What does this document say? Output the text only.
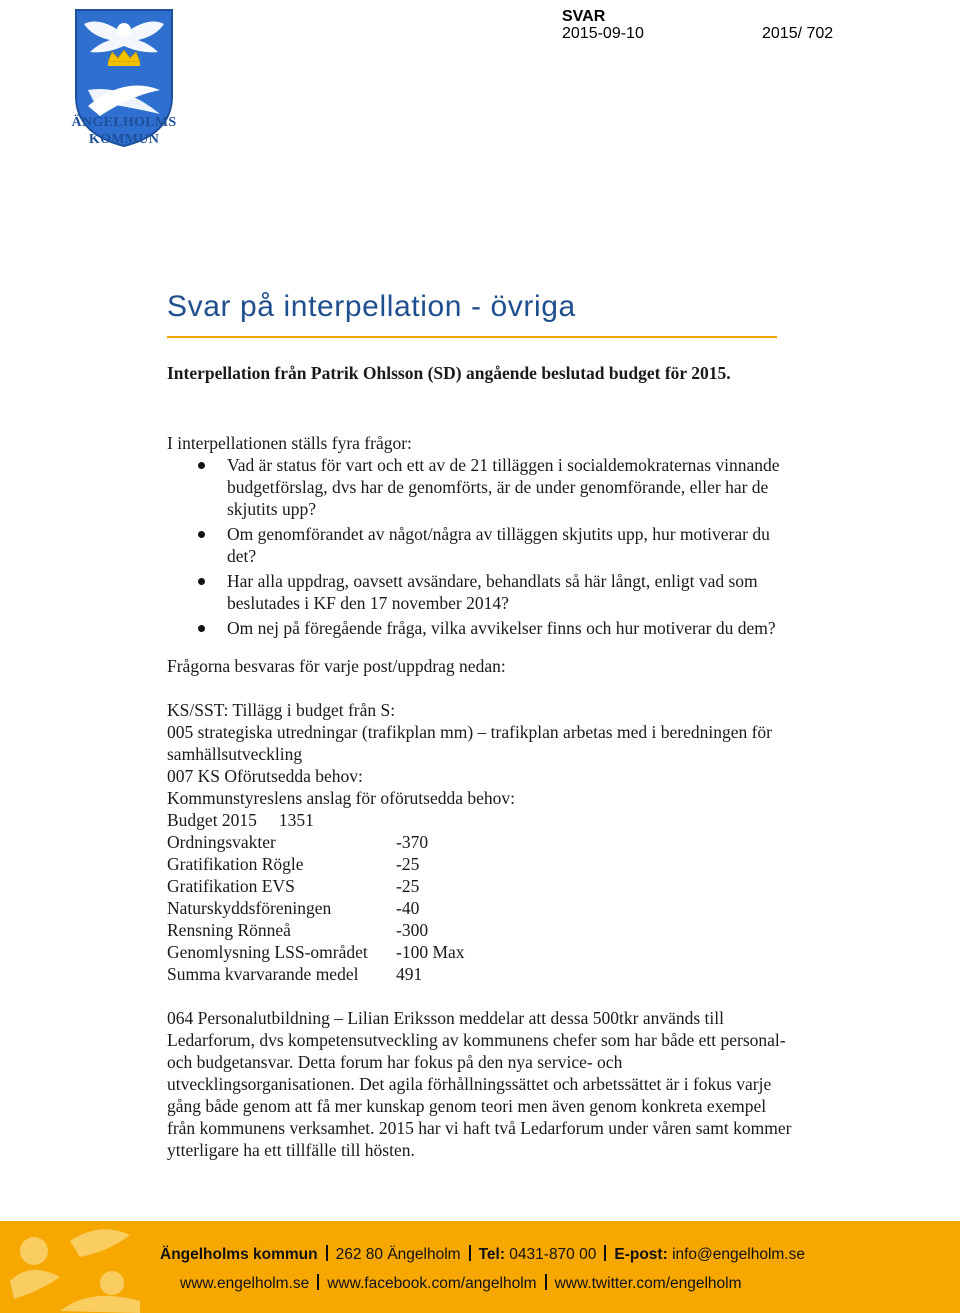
ÄNGELHOLMS
KOMMUN
SVAR
2015-09-10	2015/ 702
Svar på interpellation - övriga
Interpellation från Patrik Ohlsson (SD) angående beslutad budget för 2015.

I interpellationen ställs fyra frågor:

Vad är status för vart och ett av de 21 tilläggen i socialdemokraternas vinnande budgetförslag, dvs har de genomförts, är de under genomförande, eller har de skjutits upp?
Om genomförandet av något/några av tilläggen skjutits upp, hur motiverar du det?
Har alla uppdrag, oavsett avsändare, behandlats så här långt, enligt vad som beslutades i KF den 17 november 2014?
Om nej på föregående fråga, vilka avvikelser finns och hur motiverar du dem?

Frågorna besvaras för varje post/uppdrag nedan:

KS/SST: Tillägg i budget från S:

005 strategiska utredningar (trafikplan mm) – trafikplan arbetas med i beredningen för samhällsutveckling

007 KS Oförutsedda behov:

Kommunstyreslens anslag för oförutsedda behov:

Budget 2015 1351

Ordningsvakter	-370
Gratifikation Rögle	-25
Gratifikation EVS	-25
Naturskyddsföreningen	-40
Rensning Rönneå	-300
Genomlysning LSS-området	-100 Max
Summa kvarvarande medel	491

064 Personalutbildning – Lilian Eriksson meddelar att dessa 500tkr används till Ledarforum, dvs kompetensutveckling av kommunens chefer som har både ett personal-och budgetansvar. Detta forum har fokus på den nya service- och utvecklingsorganisationen. Det agila förhållningssättet och arbetssättet är i fokus varje gång både genom att få mer kunskap genom teori men även genom konkreta exempel från kommunens verksamhet. 2015 har vi haft två Ledarforum under våren samt kommer ytterligare ha ett tillfälle till hösten.

Ängelholms kommun 262 80 Ängelholm Tel: 0431-870 00 E-post: info@engelholm.se
www.engelholm.se www.facebook.com/angelholm www.twitter.com/engelholm
